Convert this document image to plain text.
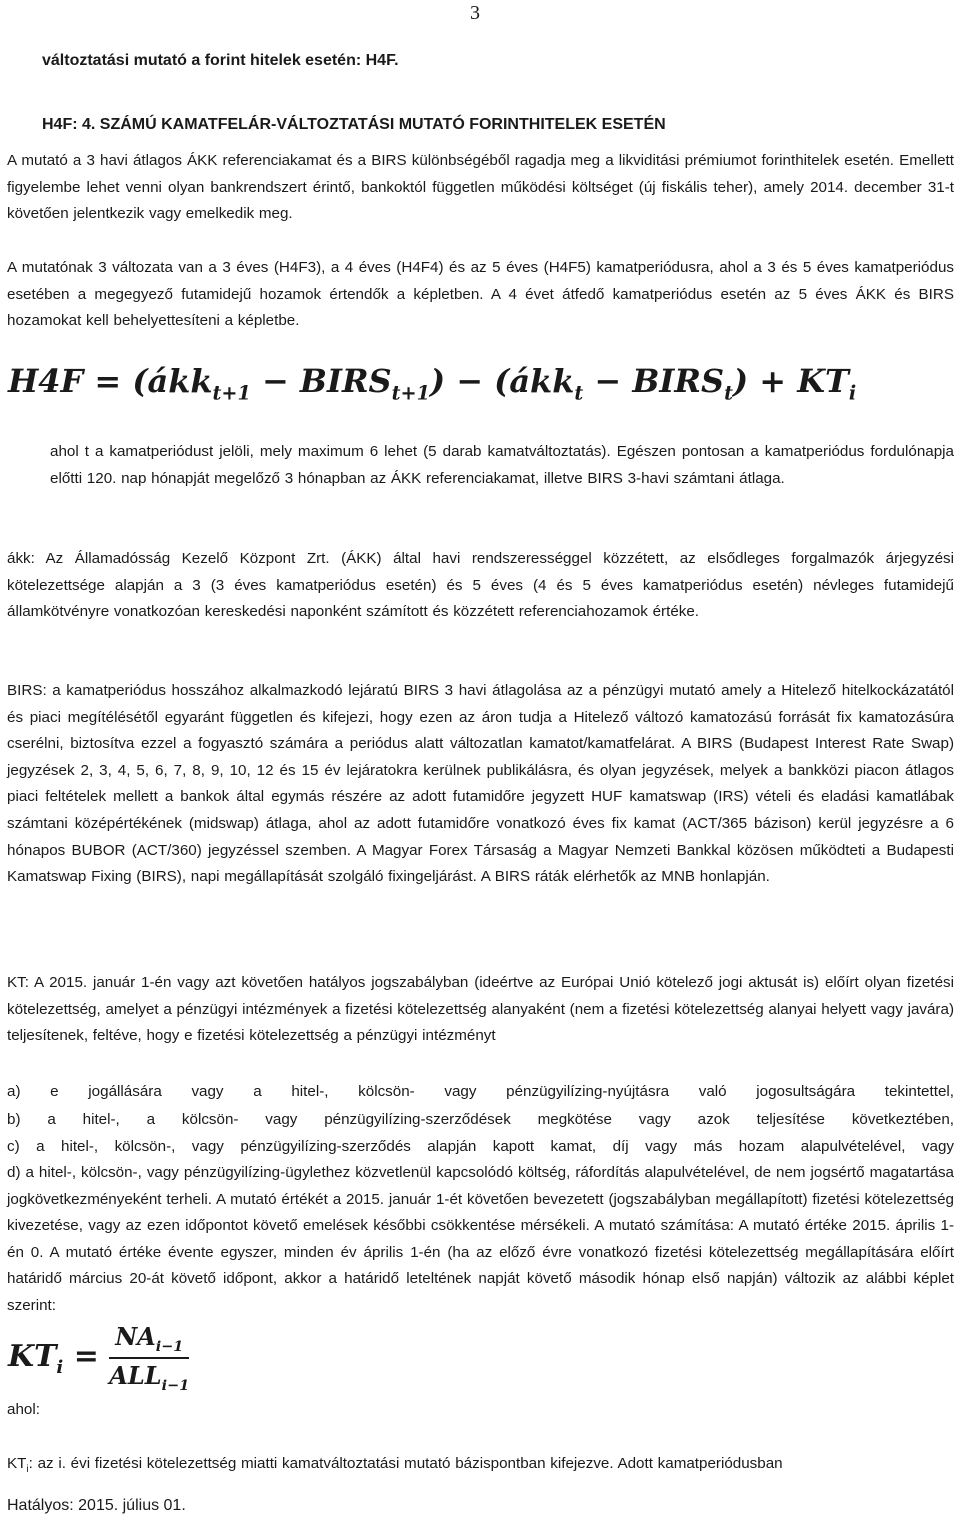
3
változtatási mutató a forint hitelek esetén: H4F.
H4F: 4. SZÁMÚ KAMATFELÁR-VÁLTOZTATÁSI MUTATÓ FORINTHITELEK ESETÉN
A mutató a 3 havi átlagos ÁKK referenciakamat és a BIRS különbségéből ragadja meg a likviditási prémiumot forinthitelek esetén. Emellett figyelembe lehet venni olyan bankrendszert érintő, bankoktól független működési költséget (új fiskális teher), amely 2014. december 31-t követően jelentkezik vagy emelkedik meg.
A mutatónak 3 változata van a 3 éves (H4F3), a 4 éves (H4F4) és az 5 éves (H4F5) kamatperiódusra, ahol a 3 és 5 éves kamatperiódus esetében a megegyező futamidejű hozamok értendők a képletben. A 4 évet átfedő kamatperiódus esetén az 5 éves ÁKK és BIRS hozamokat kell behelyettesíteni a képletbe.
H4F = (ákk$_{t+1}$ − $BIRS_{t+1}$) − (ákk$_t$ − $BIRS_t) + KT_i$
ahol t a kamatperiódust jelöli, mely maximum 6 lehet (5 darab kamatváltoztatás). Egészen pontosan a kamatperiódus fordulónapja előtti 120. nap hónapját megelőző 3 hónapban az ÁKK referenciakamat, illetve BIRS 3-havi számtani átlaga.
ákk: Az Államadósság Kezelő Központ Zrt. (ÁKK) által havi rendszerességgel közzétett, az elsődleges forgalmazók árjegyzési kötelezettsége alapján a 3 (3 éves kamatperiódus esetén) és 5 éves (4 és 5 éves kamatperiódus esetén) névleges futamidejű államkötvényre vonatkozóan kereskedési naponként számított és közzétett referenciahozamok értéke.
BIRS: a kamatperiódus hosszához alkalmazkodó lejáratú BIRS 3 havi átlagolása az a pénzügyi mutató amely a Hitelező hitelkockázatától és piaci megítélésétől egyaránt független és kifejezi, hogy ezen az áron tudja a Hitelező változó kamatozású forrását fix kamatozásúra cserélni, biztosítva ezzel a fogyasztó számára a periódus alatt változatlan kamatot/kamatfelárat. A BIRS (Budapest Interest Rate Swap) jegyzések 2, 3, 4, 5, 6, 7, 8, 9, 10, 12 és 15 év lejáratokra kerülnek publikálásra, és olyan jegyzések, melyek a bankközi piacon átlagos piaci feltételek mellett a bankok által egymás részére az adott futamidőre jegyzett HUF kamatswap (IRS) vételi és eladási kamatlábak számtani középértékének (midswap) átlaga, ahol az adott futamidőre vonatkozó éves fix kamat (ACT/365 bázison) kerül jegyzésre a 6 hónapos BUBOR (ACT/360) jegyzéssel szemben. A Magyar Forex Társaság a Magyar Nemzeti Bankkal közösen működteti a Budapesti Kamatswap Fixing (BIRS), napi megállapítását szolgáló fixingeljárást. A BIRS ráták elérhetők az MNB honlapján.
KT: A 2015. január 1-én vagy azt követően hatályos jogszabályban (ideértve az Európai Unió kötelező jogi aktusát is) előírt olyan fizetési kötelezettség, amelyet a pénzügyi intézmények a fizetési kötelezettség alanyaként (nem a fizetési kötelezettség alanyai helyett vagy javára) teljesítenek, feltéve, hogy e fizetési kötelezettség a pénzügyi intézményt
a) e jogállására vagy a hitel-, kölcsön- vagy pénzügyilízing-nyújtásra való jogosultságára tekintettel,
b) a hitel-, a kölcsön- vagy pénzügyilízing-szerződések megkötése vagy azok teljesítése következtében,
c) a hitel-, kölcsön-, vagy pénzügyilízing-szerződés alapján kapott kamat, díj vagy más hozam alapulvételével, vagy
d) a hitel-, kölcsön-, vagy pénzügyilízing-ügylethez közvetlenül kapcsolódó költség, ráfordítás alapulvételével, de nem jogsértő magatartása jogkövetkezményeként terheli. A mutató értékét a 2015. január 1-ét követően bevezetett (jogszabályban megállapított) fizetési kötelezettség kivezetése, vagy az ezen időpontot követő emelések későbbi csökkentése mérsékeli. A mutató számítása: A mutató értéke 2015. április 1-én 0. A mutató értéke évente egyszer, minden év április 1-én (ha az előző évre vonatkozó fizetési kötelezettség megállapítására előírt határidő március 20-át követő időpont, akkor a határidő leteltének napját követő második hónap első napján) változik az alábbi képlet szerint:
$KT_i = \frac{NA_{i-1}}{ALL_{i-1}}$
ahol:
$KT_i$: az i. évi fizetési kötelezettség miatti kamatváltoztatási mutató bázispontban kifejezve. Adott kamatperiódusban
Hatályos: 2015. július 01.
